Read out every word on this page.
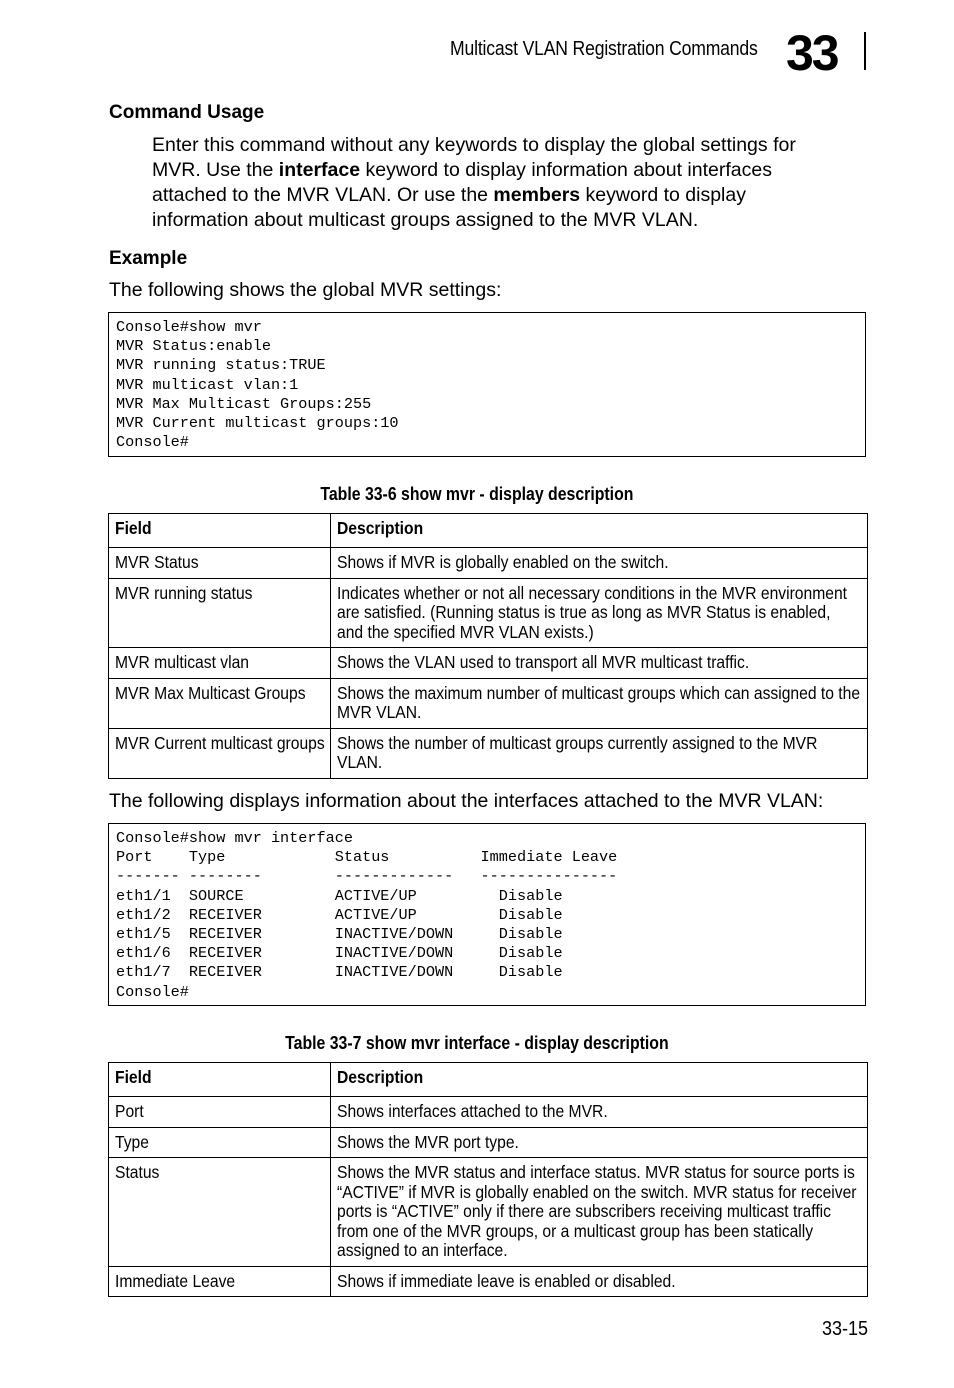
Multicast VLAN Registration Commands 33
Command Usage
Enter this command without any keywords to display the global settings for
MVR. Use the interface keyword to display information about interfaces
attached to the MVR VLAN. Or use the members keyword to display
information about multicast groups assigned to the MVR VLAN.
Example
The following shows the global MVR settings:
Console#show mvr
MVR Status:enable
MVR running status:TRUE
MVR multicast vlan:1
MVR Max Multicast Groups:255
MVR Current multicast groups:10
Console#
Table 33-6 show mvr - display description
Field	Description

MVR Status	Shows if MVR is globally enabled on the switch.

MVR running status	Indicates whether or not all necessary conditions in the MVR environment are satisfied. (Running status is true as long as MVR Status is enabled, and the specified MVR VLAN exists.)

MVR multicast vlan	Shows the VLAN used to transport all MVR multicast traffic.

MVR Max Multicast Groups	Shows the maximum number of multicast groups which can assigned to the MVR VLAN.

MVR Current multicast groups	Shows the number of multicast groups currently assigned to the MVR VLAN.
The following displays information about the interfaces attached to the MVR VLAN:
Console#show mvr interface
Port    Type            Status          Immediate Leave
------- --------        -------------   ---------------
eth1/1  SOURCE          ACTIVE/UP         Disable
eth1/2  RECEIVER        ACTIVE/UP         Disable
eth1/5  RECEIVER        INACTIVE/DOWN     Disable
eth1/6  RECEIVER        INACTIVE/DOWN     Disable
eth1/7  RECEIVER        INACTIVE/DOWN     Disable
Console#
Table 33-7 show mvr interface - display description
Field	Description

Port	Shows interfaces attached to the MVR.

Type	Shows the MVR port type.

Status	Shows the MVR status and interface status. MVR status for source ports is “ACTIVE” if MVR is globally enabled on the switch. MVR status for receiver ports is “ACTIVE” only if there are subscribers receiving multicast traffic from one of the MVR groups, or a multicast group has been statically assigned to an interface.

Immediate Leave	Shows if immediate leave is enabled or disabled.
33-15
